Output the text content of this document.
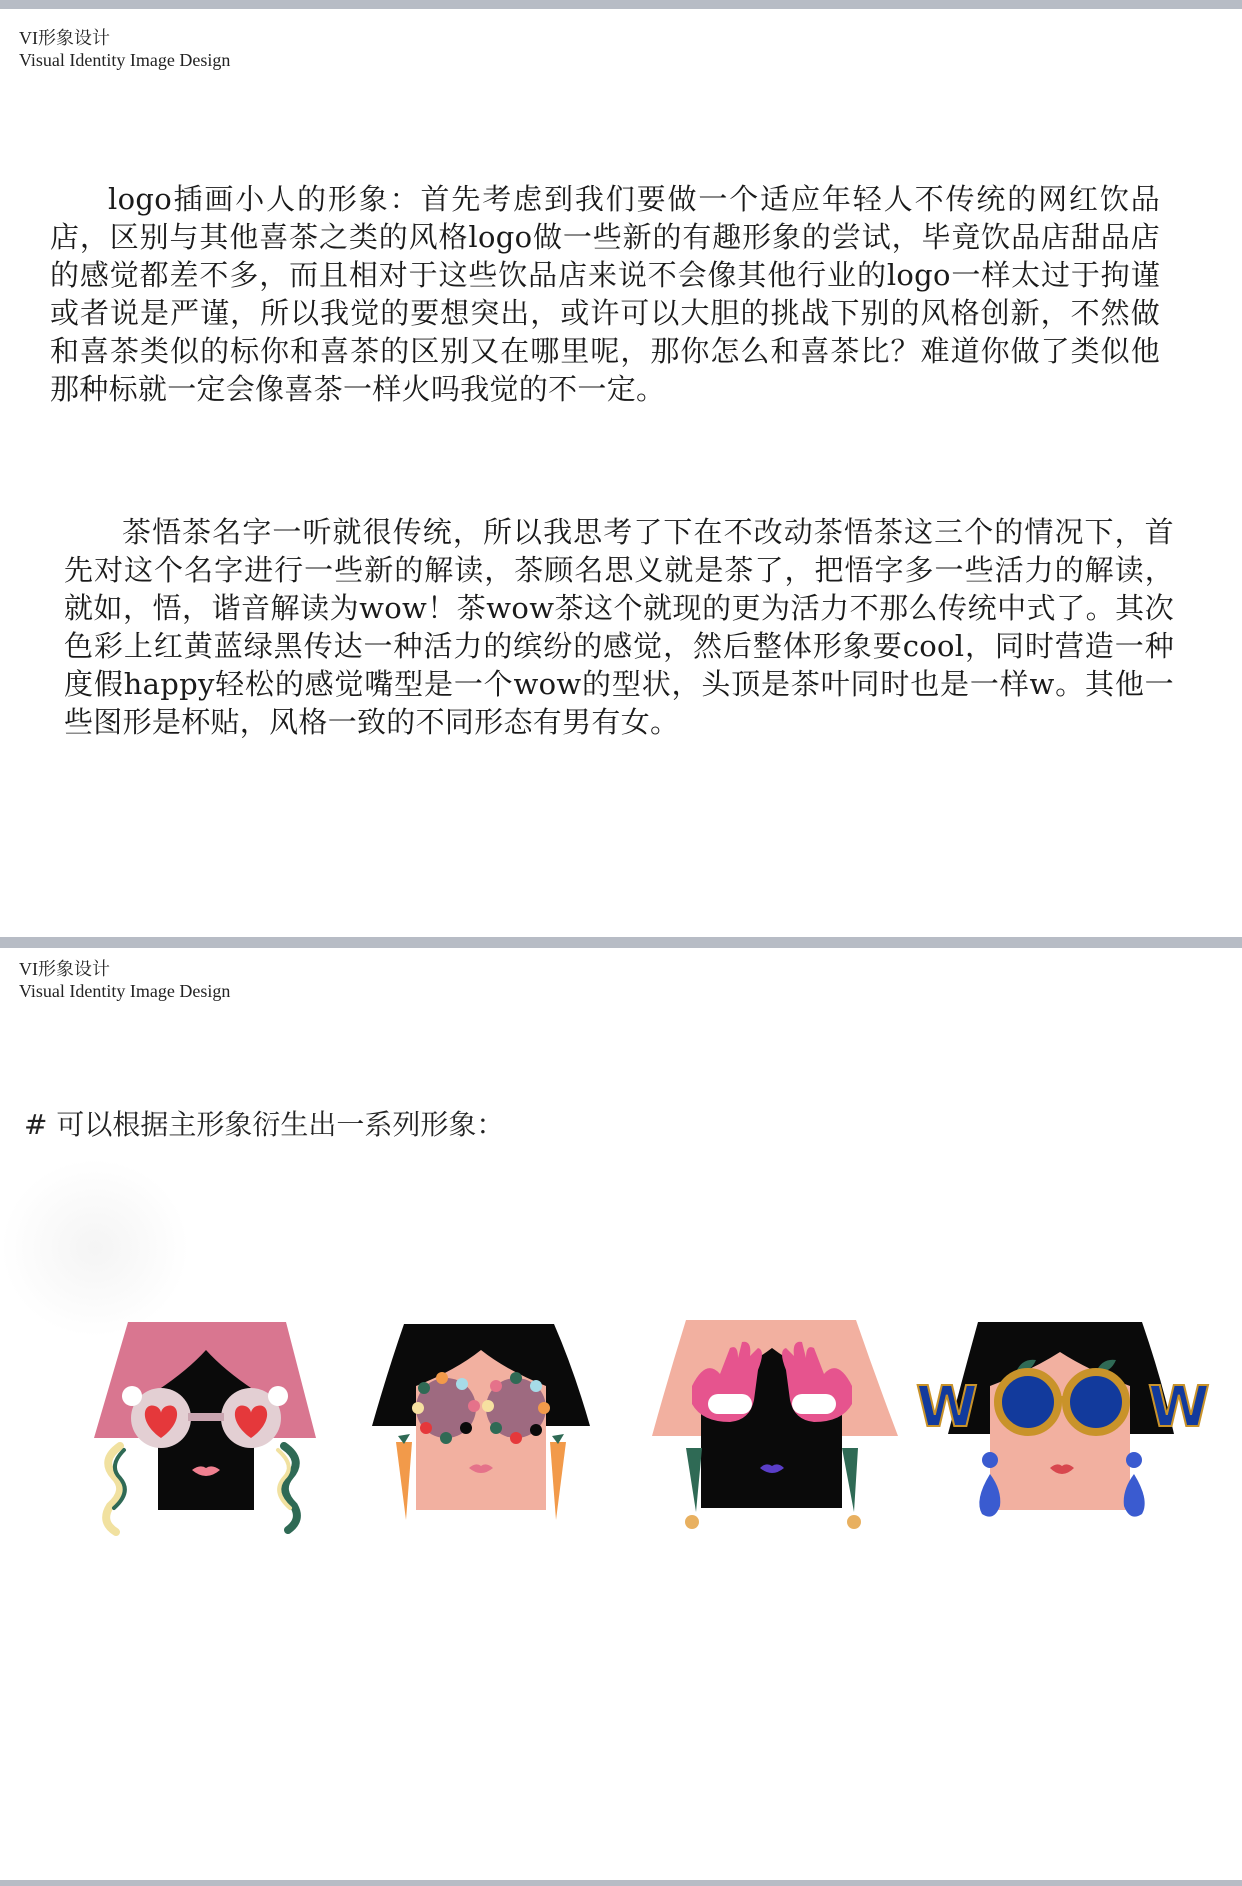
VI形象设计
Visual Identity Image Design

logo插画小人的形象：首先考虑到我们要做一个适应年轻人不传统的网红饮品店，区别与其他喜茶之类的风格logo做一些新的有趣形象的尝试，毕竟饮品店甜品店的感觉都差不多，而且相对于这些饮品店来说不会像其他行业的logo一样太过于拘谨或者说是严谨，所以我觉的要想突出，或许可以大胆的挑战下别的风格创新，不然做和喜茶类似的标你和喜茶的区别又在哪里呢，那你怎么和喜茶比？难道你做了类似他那种标就一定会像喜茶一样火吗我觉的不一定。

茶悟茶名字一听就很传统，所以我思考了下在不改动茶悟茶这三个的情况下，首先对这个名字进行一些新的解读，茶顾名思义就是茶了，把悟字多一些活力的解读，就如，悟，谐音解读为wow！茶wow茶这个就现的更为活力不那么传统中式了。其次色彩上红黄蓝绿黑传达一种活力的缤纷的感觉，然后整体形象要cool，同时营造一种度假happy轻松的感觉嘴型是一个wow的型状，头顶是茶叶同时也是一样w。其他一些图形是杯贴，风格一致的不同形态有男有女。

VI形象设计
Visual Identity Image Design
# 可以根据主形象衍生出一系列形象：
W	W
